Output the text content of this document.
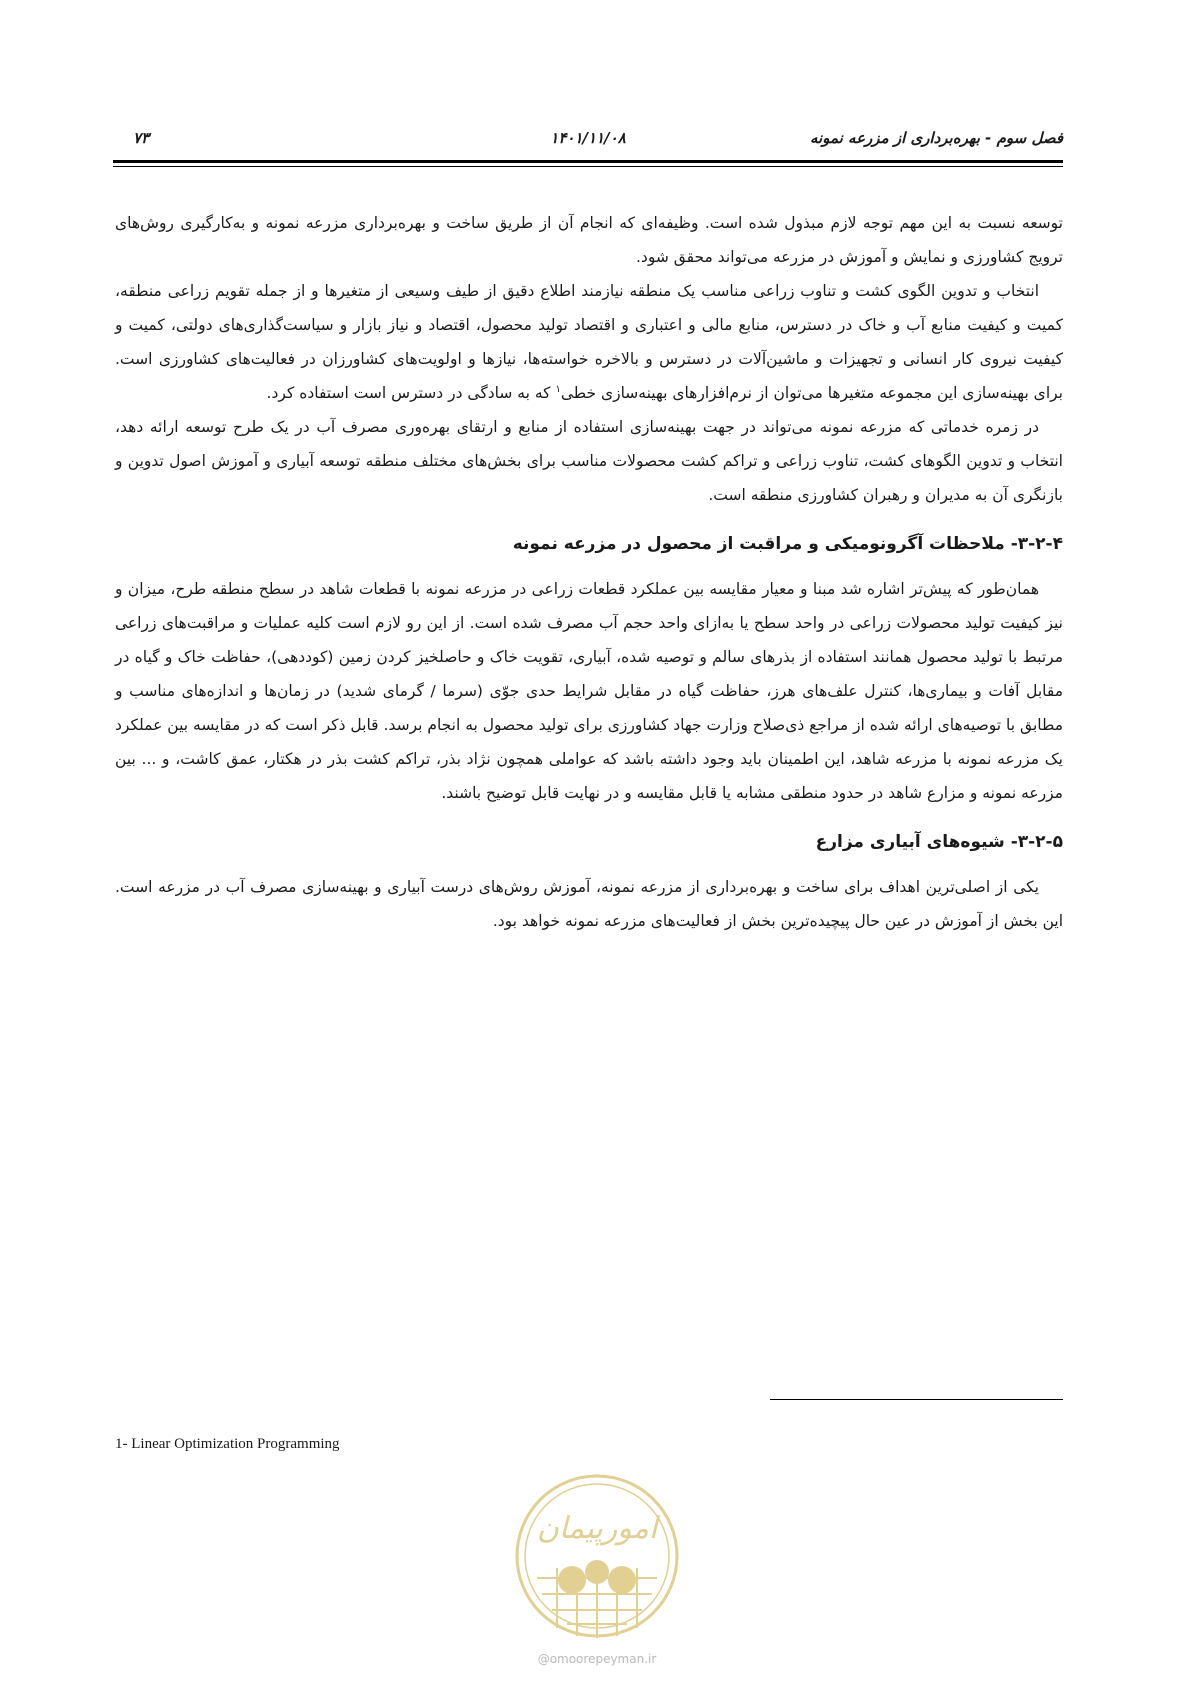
فصل سوم - بهره‌برداری از مزرعه نمونه
۱۴۰۱/۱۱/۰۸
۷۳

توسعه نسبت به این مهم توجه لازم مبذول شده است. وظیفه‌ای که انجام آن از طریق ساخت و بهره‌برداری مزرعه نمونه و به‌کارگیری روش‌های ترویج کشاورزی و نمایش و آموزش در مزرعه می‌تواند محقق شود.

انتخاب و تدوین الگوی کشت و تناوب زراعی مناسب یک منطقه نیازمند اطلاع دقیق از طیف وسیعی از متغیرها و از جمله تقویم زراعی منطقه، کمیت و کیفیت منابع آب و خاک در دسترس، منابع مالی و اعتباری و اقتصاد تولید محصول، اقتصاد و نیاز بازار و سیاست‌گذاری‌های دولتی، کمیت و کیفیت نیروی کار انسانی و تجهیزات و ماشین‌آلات در دسترس و بالاخره خواسته‌ها، نیازها و اولویت‌های کشاورزان در فعالیت‌های کشاورزی است. برای بهینه‌سازی این مجموعه متغیرها می‌توان از نرم‌افزارهای بهینه‌سازی خطی$^۱$ که به سادگی در دسترس است استفاده کرد.

در زمره خدماتی که مزرعه نمونه می‌تواند در جهت بهینه‌سازی استفاده از منابع و ارتقای بهره‌وری مصرف آب در یک طرح توسعه ارائه دهد، انتخاب و تدوین الگوهای کشت، تناوب زراعی و تراکم کشت محصولات مناسب برای بخش‌های مختلف منطقه توسعه آبیاری و آموزش اصول تدوین و بازنگری آن به مدیران و رهبران کشاورزی منطقه است.

۳-۲-۴- ملاحظات آگرونومیکی و مراقبت از محصول در مزرعه نمونه

همان‌طور که پیش‌تر اشاره شد مبنا و معیار مقایسه بین عملکرد قطعات زراعی در مزرعه نمونه با قطعات شاهد در سطح منطقه طرح، میزان و نیز کیفیت تولید محصولات زراعی در واحد سطح یا به‌ازای واحد حجم آب مصرف شده است. از این رو لازم است کلیه عملیات و مراقبت‌های زراعی مرتبط با تولید محصول همانند استفاده از بذرهای سالم و توصیه شده، آبیاری، تقویت خاک و حاصلخیز کردن زمین (کوددهی)، حفاظت خاک و گیاه در مقابل آفات و بیماری‌ها، کنترل علف‌های هرز، حفاظت گیاه در مقابل شرایط حدی جوّی (سرما / گرمای شدید) در زمان‌ها و اندازه‌های مناسب و مطابق با توصیه‌های ارائه شده از مراجع ذی‌صلاح وزارت جهاد کشاورزی برای تولید محصول به انجام برسد. قابل ذکر است که در مقایسه بین عملکرد یک مزرعه نمونه با مزرعه شاهد، این اطمینان باید وجود داشته باشد که عواملی همچون نژاد بذر، تراکم کشت بذر در هکتار، عمق کاشت، و ... بین مزرعه نمونه و مزارع شاهد در حدود منطقی مشابه یا قابل مقایسه و در نهایت قابل توضیح باشند.

۳-۲-۵- شیوه‌های آبیاری مزارع

یکی از اصلی‌ترین اهداف برای ساخت و بهره‌برداری از مزرعه نمونه، آموزش روش‌های درست آبیاری و بهینه‌سازی مصرف آب در مزرعه است. این بخش از آموزش در عین حال پیچیده‌ترین بخش از فعالیت‌های مزرعه نمونه خواهد بود.

1- Linear Optimization Programming
امورپیمان
@omoorepeyman.ir
